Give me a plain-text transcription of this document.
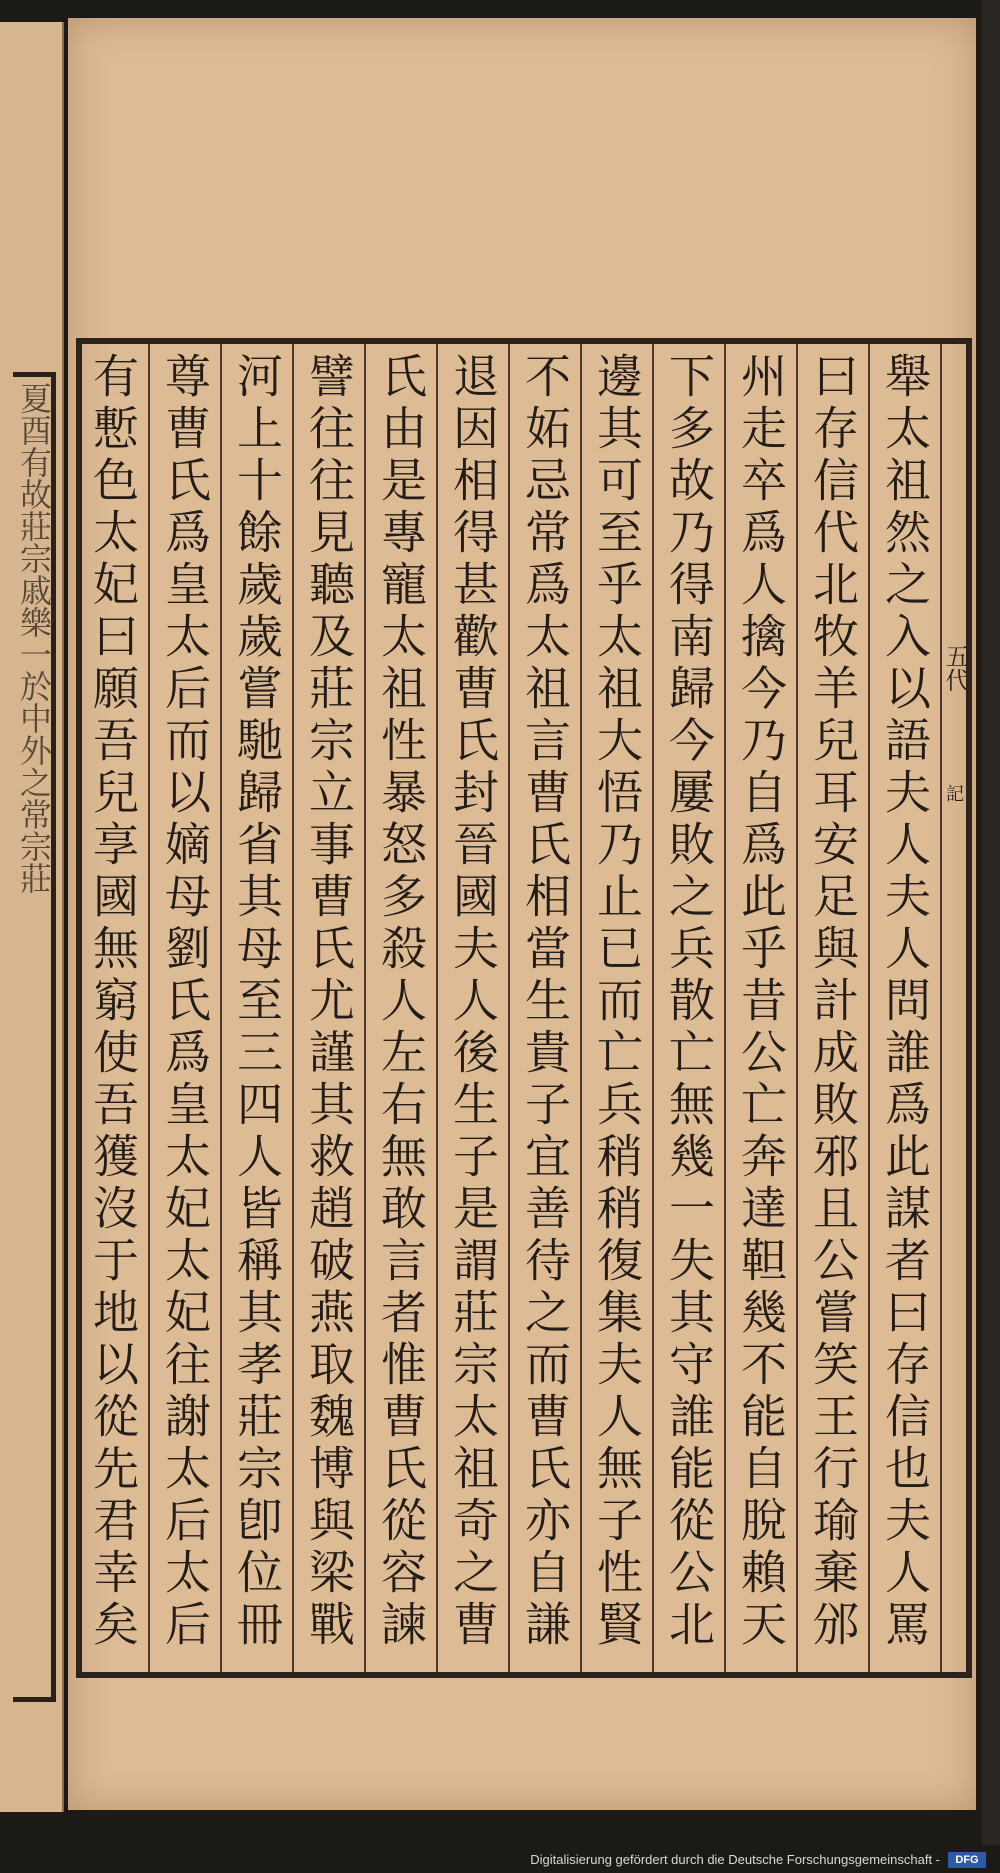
夏酉有故莊宗戚樂一於中外之常宗莊	五代
記
舉太祖然之入以語夫人夫人問誰爲此謀者曰存信也夫人罵
曰存信代北牧羊兒耳安足與計成敗邪且公嘗笑王行瑜棄邠
州走卒爲人擒今乃自爲此乎昔公亡奔達靼幾不能自脫賴天
下多故乃得南歸今屢敗之兵散亡無幾一失其守誰能從公北
邊其可至乎太祖大悟乃止已而亡兵稍稍復集夫人無子性賢
不妬忌常爲太祖言曹氏相當生貴子宜善待之而曹氏亦自謙
退因相得甚歡曹氏封晉國夫人後生子是謂莊宗太祖奇之曹
氏由是專寵太祖性暴怒多殺人左右無敢言者惟曹氏從容諫
譬往往見聽及莊宗立事曹氏尤謹其救趙破燕取魏博與梁戰
河上十餘歲歲嘗馳歸省其母至三四人皆稱其孝莊宗卽位冊
尊曹氏爲皇太后而以嫡母劉氏爲皇太妃太妃往謝太后太后
有慙色太妃曰願吾兒享國無窮使吾獲沒于地以從先君幸矣
Digitalisierung gefördert durch die Deutsche Forschungsgemeinschaft -	DFG
